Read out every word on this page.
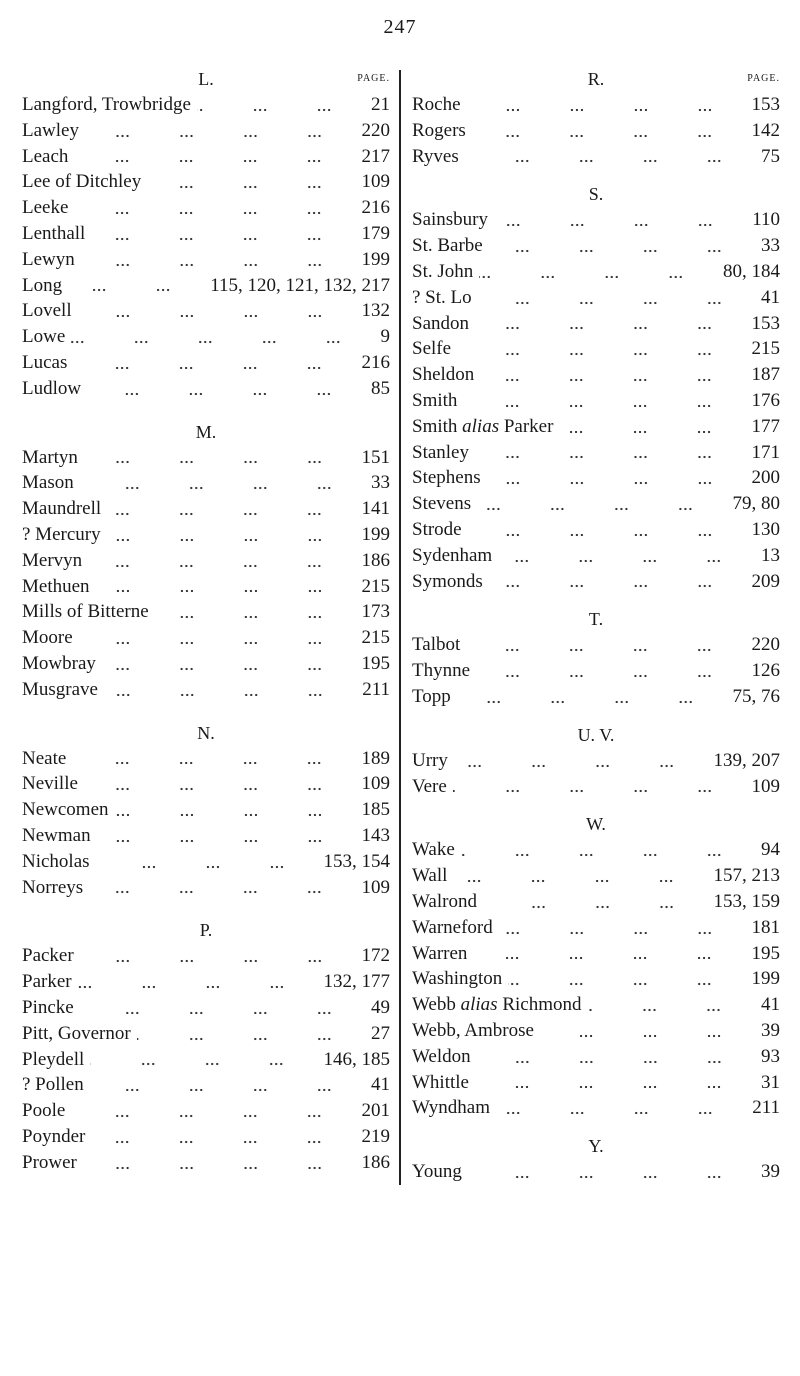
247
L.	PAGE.
Langford, Trowbridge	21
Lawley	220
Leach	217
Lee of Ditchley	109
Leeke	216
Lenthall	179
Lewyn	199
Long	115, 120, 121, 132, 217
Lovell	132
Lowe	9
Lucas	216
Ludlow	85
M.
Martyn	151
Mason	33
Maundrell	141
? Mercury	199
Mervyn	186
Methuen	215
Mills of Bitterne	173
Moore	215
Mowbray	195
Musgrave	211
N.
Neate	189
Neville	109
Newcomen	185
Newman	143
Nicholas	153, 154
Norreys	109
P.
Packer	172
Parker	132, 177
Pincke	49
Pitt, Governor	27
Pleydell	146, 185
? Pollen	41
Poole	201
Poynder	219
Prower	186
R.	PAGE.
Roche	153
Rogers	142
Ryves	75
S.
Sainsbury	110
St. Barbe	33
St. John	80, 184
? St. Lo	41
Sandon	153
Selfe	215
Sheldon	187
Smith	176
Smith alias Parker	177
Stanley	171
Stephens	200
Stevens	79, 80
Strode	130
Sydenham	13
Symonds	209
T.
Talbot	220
Thynne	126
Topp	75, 76
U. V.
Urry	139, 207
Vere	109
W.
Wake	94
Wall	157, 213
Walrond	153, 159
Warneford	181
Warren	195
Washington	199
Webb alias Richmond	41
Webb, Ambrose	39
Weldon	93
Whittle	31
Wyndham	211
Y.
Young	39
